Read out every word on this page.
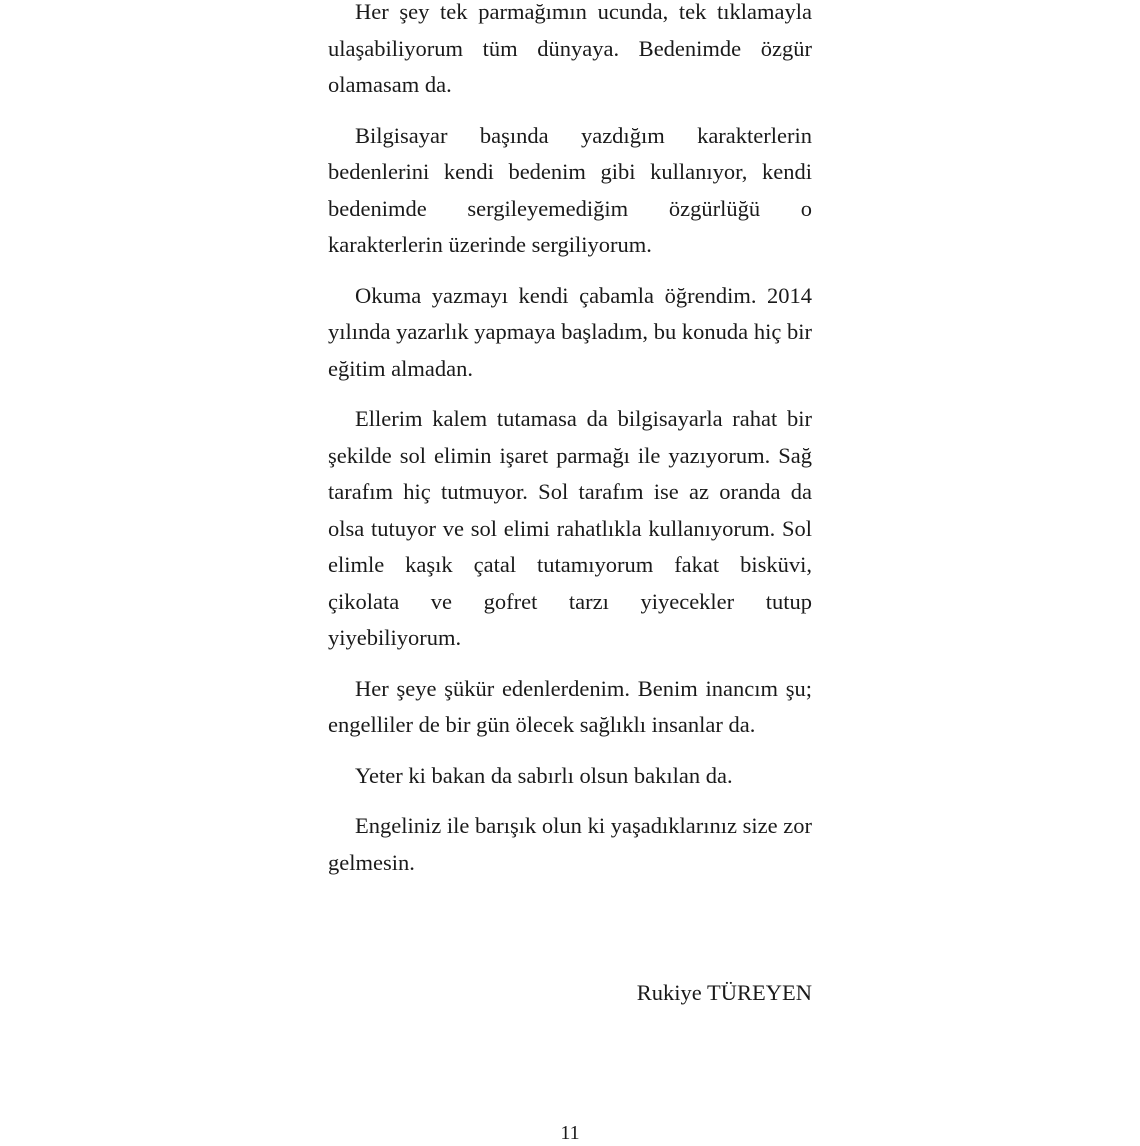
Her şey tek parmağımın ucunda, tek tıklamayla ulaşabiliyorum tüm dünyaya. Bedenimde özgür olamasam da.

Bilgisayar başında yazdığım karakterlerin bedenlerini kendi bedenim gibi kullanıyor, kendi bedenimde sergileyemediğim özgürlüğü o karakterlerin üzerinde sergiliyorum.

Okuma yazmayı kendi çabamla öğrendim. 2014 yılında yazarlık yapmaya başladım, bu konuda hiç bir eğitim almadan.

Ellerim kalem tutamasa da bilgisayarla rahat bir şekilde sol elimin işaret parmağı ile yazıyorum. Sağ tarafım hiç tutmuyor. Sol tarafım ise az oranda da olsa tutuyor ve sol elimi rahatlıkla kullanıyorum. Sol elimle kaşık çatal tutamıyorum fakat bisküvi, çikolata ve gofret tarzı yiyecekler tutup yiyebiliyorum.

Her şeye şükür edenlerdenim. Benim inancım şu; engelliler de bir gün ölecek sağlıklı insanlar da.

Yeter ki bakan da sabırlı olsun bakılan da.

Engeliniz ile barışık olun ki yaşadıklarınız size zor gelmesin.

Rukiye TÜREYEN
11
